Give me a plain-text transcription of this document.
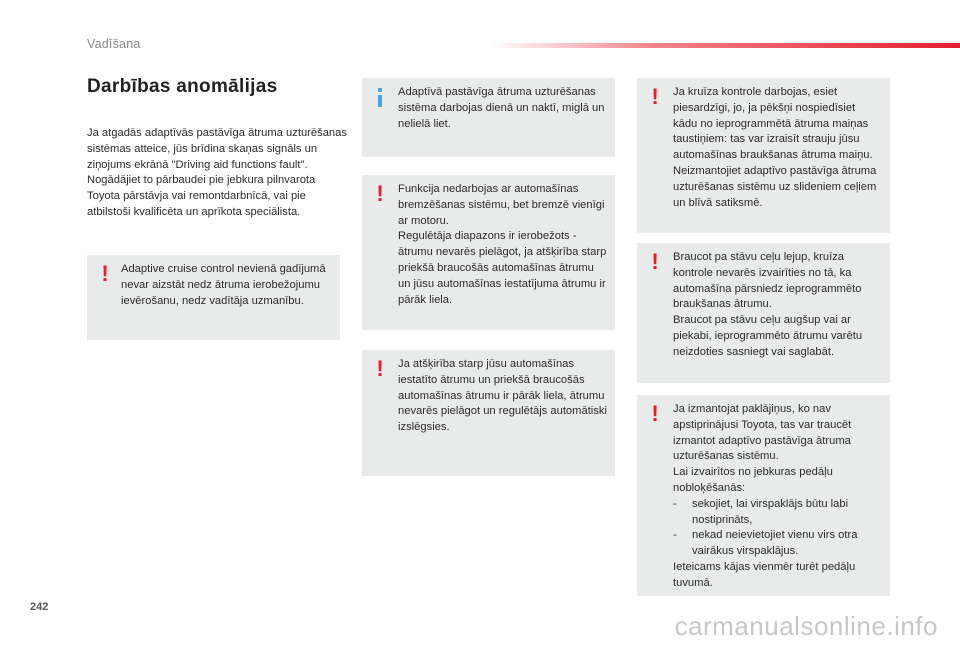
Vadīšana
Darbības anomālijas

Ja atgadās adaptīvās pastāvīga ātruma uzturēšanas sistēmas atteice, jūs brīdina skaņas signāls un ziņojums ekrānā "Driving aid functions fault".

Nogādājiet to pārbaudei pie jebkura pilnvarota Toyota pārstāvja vai remontdarbnīcā, vai pie atbilstoši kvalificēta un aprīkota speciālista.

! Adaptive cruise control nevienā gadījumā nevar aizstāt nedz ātruma ierobežojumu ievērošanu, nedz vadītāja uzmanību.

Adaptīvā pastāvīga ātruma uzturēšanas sistēma darbojas dienā un naktī, miglā un nelielā liet.

! Funkcija nedarbojas ar automašīnas bremzēšanas sistēmu, bet bremzē vienīgi ar motoru.

Regulētāja diapazons ir ierobežots - ātrumu nevarēs pielāgot, ja atšķirība starp priekšā braucošās automašīnas ātrumu un jūsu automašīnas iestatījuma ātrumu ir pārāk liela.

! Ja atšķirība starp jūsu automašīnas iestatīto ātrumu un priekšā braucošās automašīnas ātrumu ir pārāk liela, ātrumu nevarēs pielāgot un regulētājs automātiski izslēgsies.

! Ja kruīza kontrole darbojas, esiet piesardzīgi, jo, ja pēkšņi nospiedīsiet kādu no ieprogrammētā ātruma maiņas taustiņiem: tas var izraisīt strauju jūsu automašīnas braukšanas ātruma maiņu.

Neizmantojiet adaptīvo pastāvīga ātruma uzturēšanas sistēmu uz slideniem ceļiem un blīvā satiksmē.

! Braucot pa stāvu ceļu lejup, kruīza kontrole nevarēs izvairīties no tā, ka automašīna pārsniedz ieprogrammēto braukšanas ātrumu.

Braucot pa stāvu ceļu augšup vai ar piekabi, ieprogrammēto ātrumu varētu neizdoties sasniegt vai saglabāt.

! Ja izmantojat paklājiņus, ko nav apstiprinājusi Toyota, tas var traucēt izmantot adaptīvo pastāvīga ātruma uzturēšanas sistēmu.

Lai izvairītos no jebkuras pedāļu nobloķēšanās:

-	sekojiet, lai virspaklājs būtu labi nostiprināts,
-	nekad neievietojiet vienu virs otra vairākus virspaklājus.

Ieteicams kājas vienmēr turēt pedāļu tuvumā.

242
carmanualsonline.info
